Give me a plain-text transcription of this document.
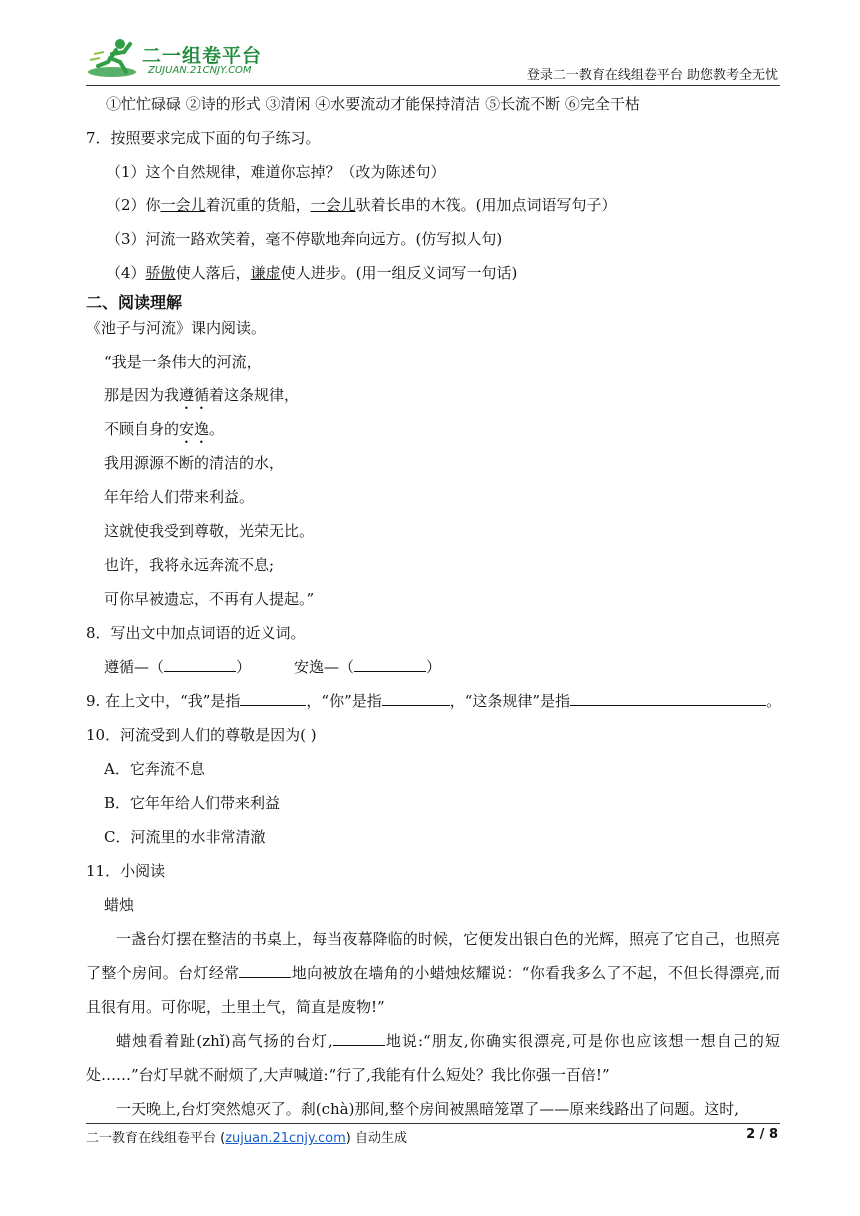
二一组卷平台
ZUJUAN.21CNJY.COM	登录二一教育在线组卷平台 助您教考全无忧
①忙忙碌碌 ②诗的形式 ③清闲 ④水要流动才能保持清洁 ⑤长流不断 ⑥完全干枯
7．按照要求完成下面的句子练习。
（1）这个自然规律，难道你忘掉？（改为陈述句）
（2）你一会儿着沉重的货船，一会儿驮着长串的木筏。(用加点词语写句子）
（3）河流一路欢笑着，毫不停歇地奔向远方。(仿写拟人句)
（4）骄傲使人落后，谦虚使人进步。(用一组反义词写一句话)
二、阅读理解
《池子与河流》课内阅读。
“我是一条伟大的河流，
那是因为我遵循着这条规律，
不顾自身的安逸。
我用源源不断的清洁的水，
年年给人们带来利益。
这就使我受到尊敬，光荣无比。
也许，我将永远奔流不息;
可你早被遗忘，不再有人提起。”
8．写出文中加点词语的近义词。
遵循—（	）	安逸—（	）
9. 在上文中，“我”是指	，“你”是指	，“这条规律”是指	。
10．河流受到人们的尊敬是因为( )
A．它奔流不息
B．它年年给人们带来利益
C．河流里的水非常清澈
11．小阅读
蜡烛
一盏台灯摆在整洁的书桌上，每当夜幕降临的时候，它便发出银白色的光辉，照亮了它自己，也照亮了整个房间。台灯经常	地向被放在墙角的小蜡烛炫耀说：“你看我多么了不起，不但长得漂亮,而且很有用。可你呢，土里土气，简直是废物!”
蜡烛看着趾(zhǐ)高气扬的台灯,	地说:“朋友,你确实很漂亮,可是你也应该想一想自己的短处……”台灯早就不耐烦了,大声喊道:“行了,我能有什么短处？我比你强一百倍!”
一天晚上,台灯突然熄灭了。刹(chà)那间,整个房间被黑暗笼罩了——原来线路出了问题。这时,
二一教育在线组卷平台 (zujuan.21cnjy.com) 自动生成	2 / 8
